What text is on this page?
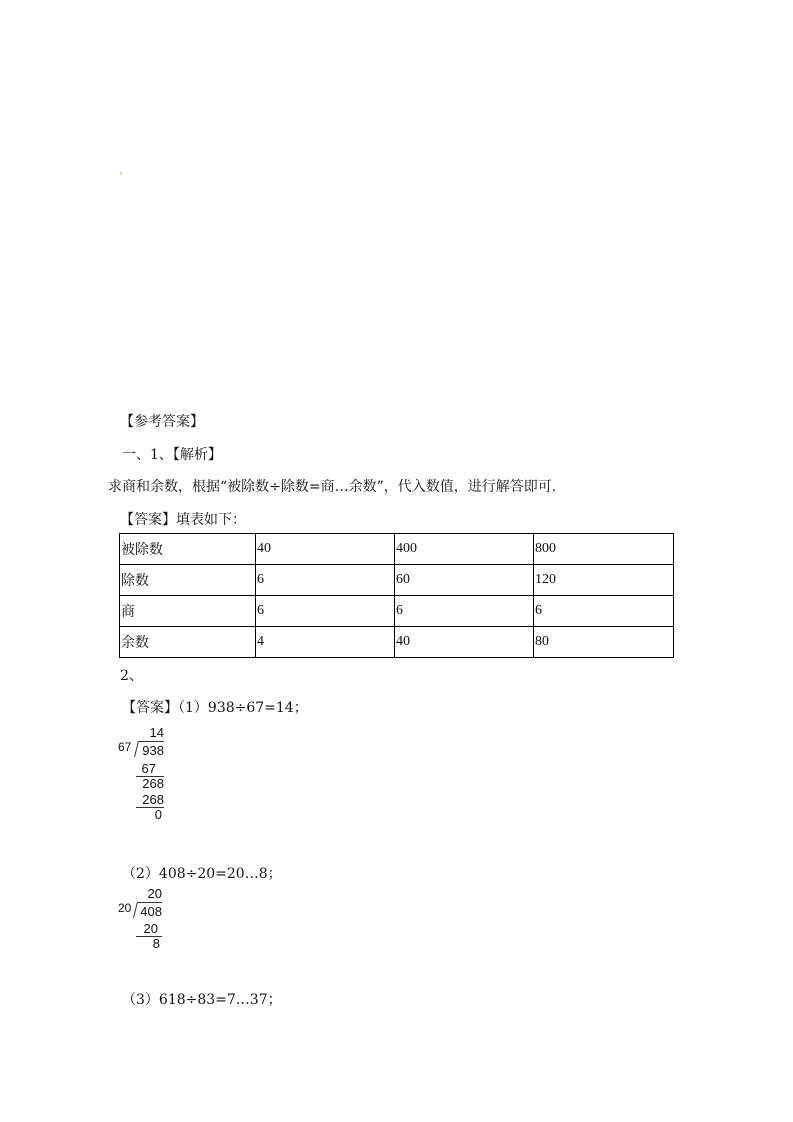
【参考答案】
一、1、【解析】
求商和余数，根据“被除数÷除数=商…余数”，代入数值，进行解答即可.
【答案】填表如下：
被除数	40	400	800
除数	6	60	120
商	6	6	6
余数	4	40	80
2、
【答案】（1）938÷67=14；
14
67 938
67
268
268
0
（2）408÷20=20…8；
20
20 408
20
8
（3）618÷83=7…37；
